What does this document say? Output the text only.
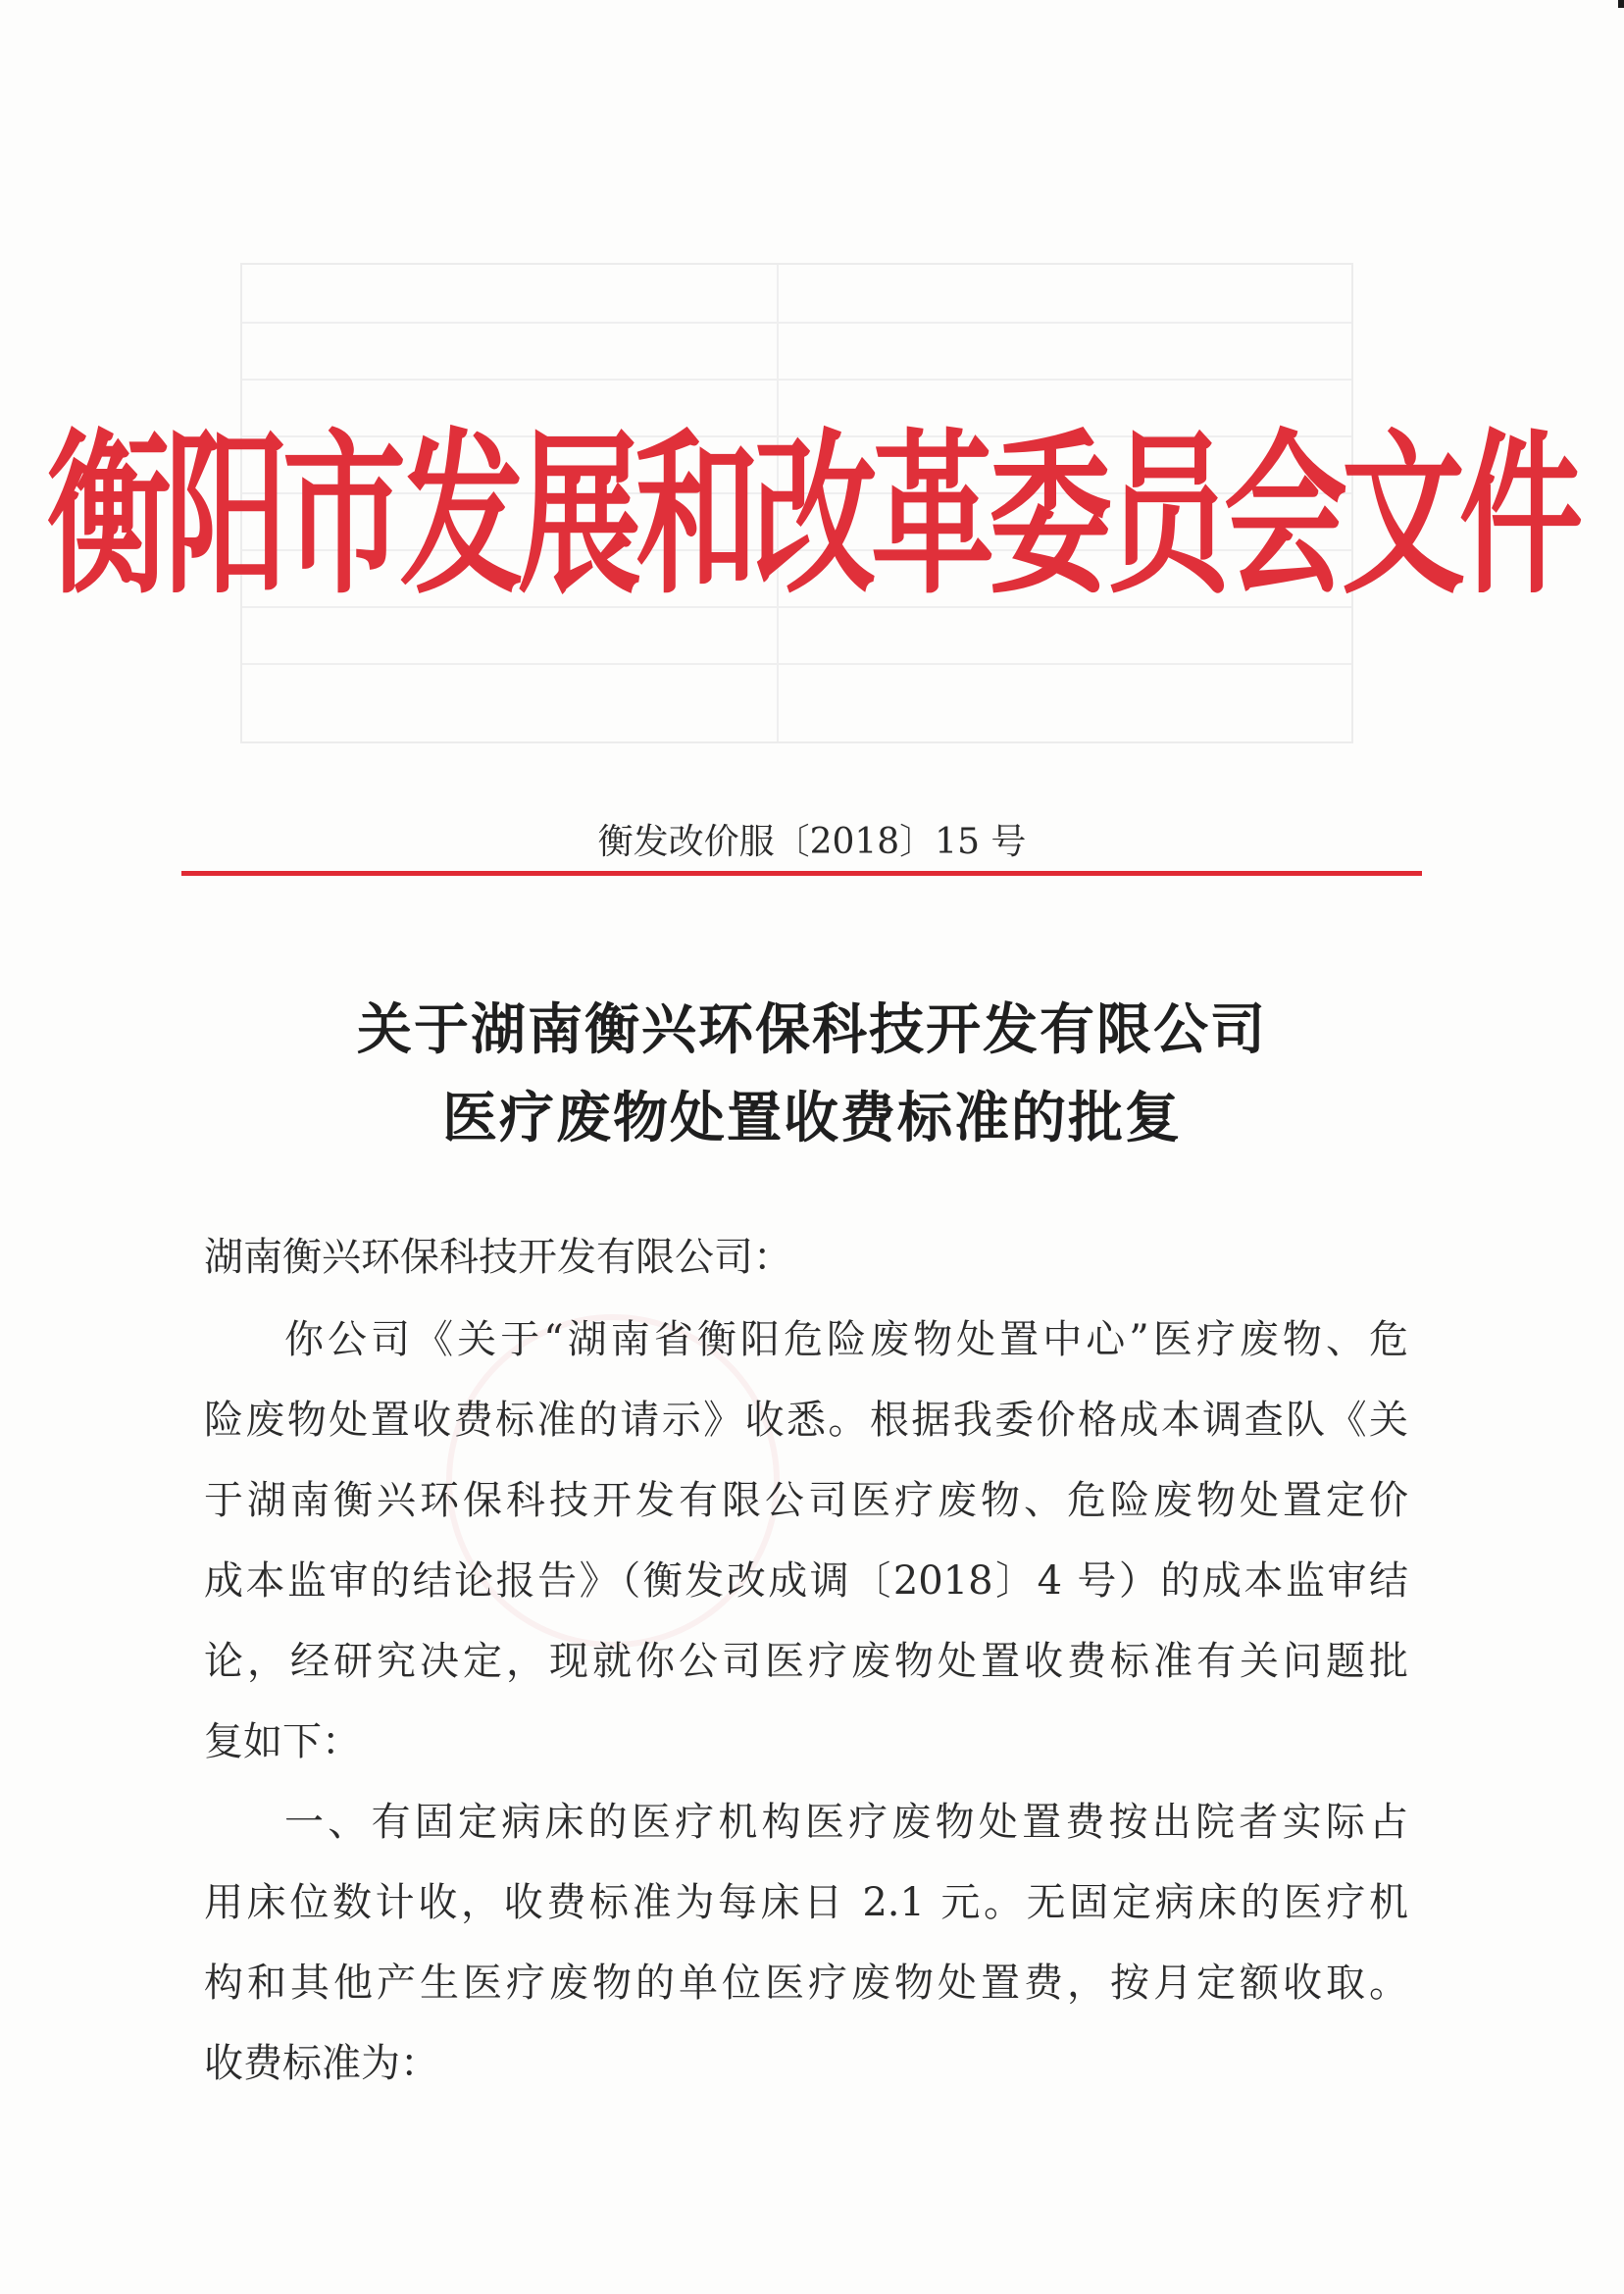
衡阳市发展和改革委员会文件
衡发改价服〔2018〕15 号
关于湖南衡兴环保科技开发有限公司
医疗废物处置收费标准的批复
湖南衡兴环保科技开发有限公司：
你公司《关于“湖南省衡阳危险废物处置中心”医疗废物、危
险废物处置收费标准的请示》收悉。根据我委价格成本调查队《关
于湖南衡兴环保科技开发有限公司医疗废物、危险废物处置定价
成本监审的结论报告》（衡发改成调〔2018〕4 号）的成本监审结
论，经研究决定，现就你公司医疗废物处置收费标准有关问题批
复如下：
一、有固定病床的医疗机构医疗废物处置费按出院者实际占
用床位数计收，收费标准为每床日 2.1 元。无固定病床的医疗机
构和其他产生医疗废物的单位医疗废物处置费，按月定额收取。
收费标准为：
